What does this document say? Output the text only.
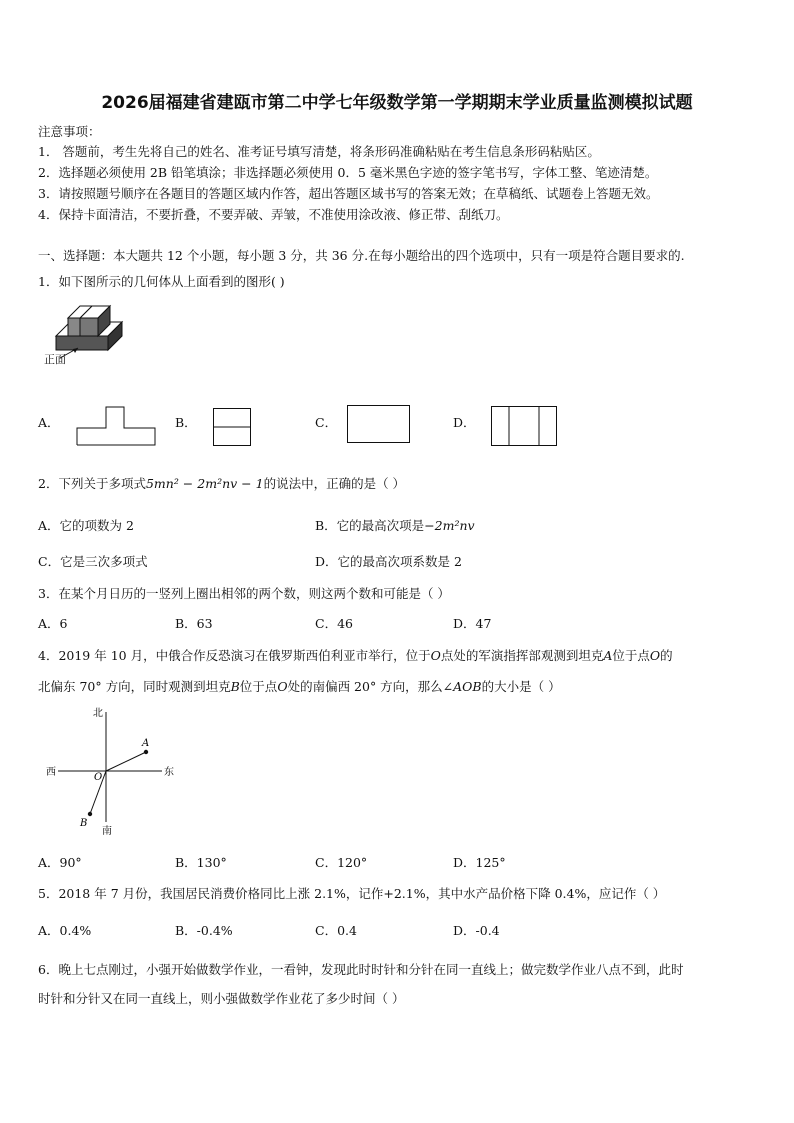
2026届福建省建瓯市第二中学七年级数学第一学期期末学业质量监测模拟试题
注意事项：
1． 答题前，考生先将自己的姓名、准考证号填写清楚，将条形码准确粘贴在考生信息条形码粘贴区。
2．选择题必须使用 2B 铅笔填涂；非选择题必须使用 0．5 毫米黑色字迹的签字笔书写，字体工整、笔迹清楚。
3．请按照题号顺序在各题目的答题区域内作答，超出答题区域书写的答案无效；在草稿纸、试题卷上答题无效。
4．保持卡面清洁，不要折叠，不要弄破、弄皱，不准使用涂改液、修正带、刮纸刀。
一、选择题：本大题共 12 个小题，每小题 3 分，共 36 分.在每小题给出的四个选项中，只有一项是符合题目要求的.
1．如下图所示的几何体从上面看到的图形( )
正面
A．	B．	C．	D．
2．下列关于多项式5mn² − 2m²nv − 1的说法中，正确的是（ ）
A．它的项数为 2	B．它的最高次项是−2m²nv
C．它是三次多项式	D．它的最高次项系数是 2
3．在某个月日历的一竖列上圈出相邻的两个数，则这两个数和可能是（ ）
A．6	B．63	C．46	D．47
4．2019 年 10 月，中俄合作反恐演习在俄罗斯西伯利亚市举行，位于O点处的军演指挥部观测到坦克A位于点O的
北偏东 70° 方向，同时观测到坦克B位于点O处的南偏西 20° 方向，那么∠AOB的大小是（ ）
北
南
东
西	O
A
B
A．90°	B．130°	C．120°	D．125°
5．2018 年 7 月份，我国居民消费价格同比上涨 2.1%，记作+2.1%，其中水产品价格下降 0.4%，应记作（ ）
A．0.4%	B．-0.4%	C．0.4	D．-0.4
6．晚上七点刚过，小强开始做数学作业，一看钟，发现此时时针和分针在同一直线上；做完数学作业八点不到，此时
时针和分针又在同一直线上，则小强做数学作业花了多少时间（ ）
